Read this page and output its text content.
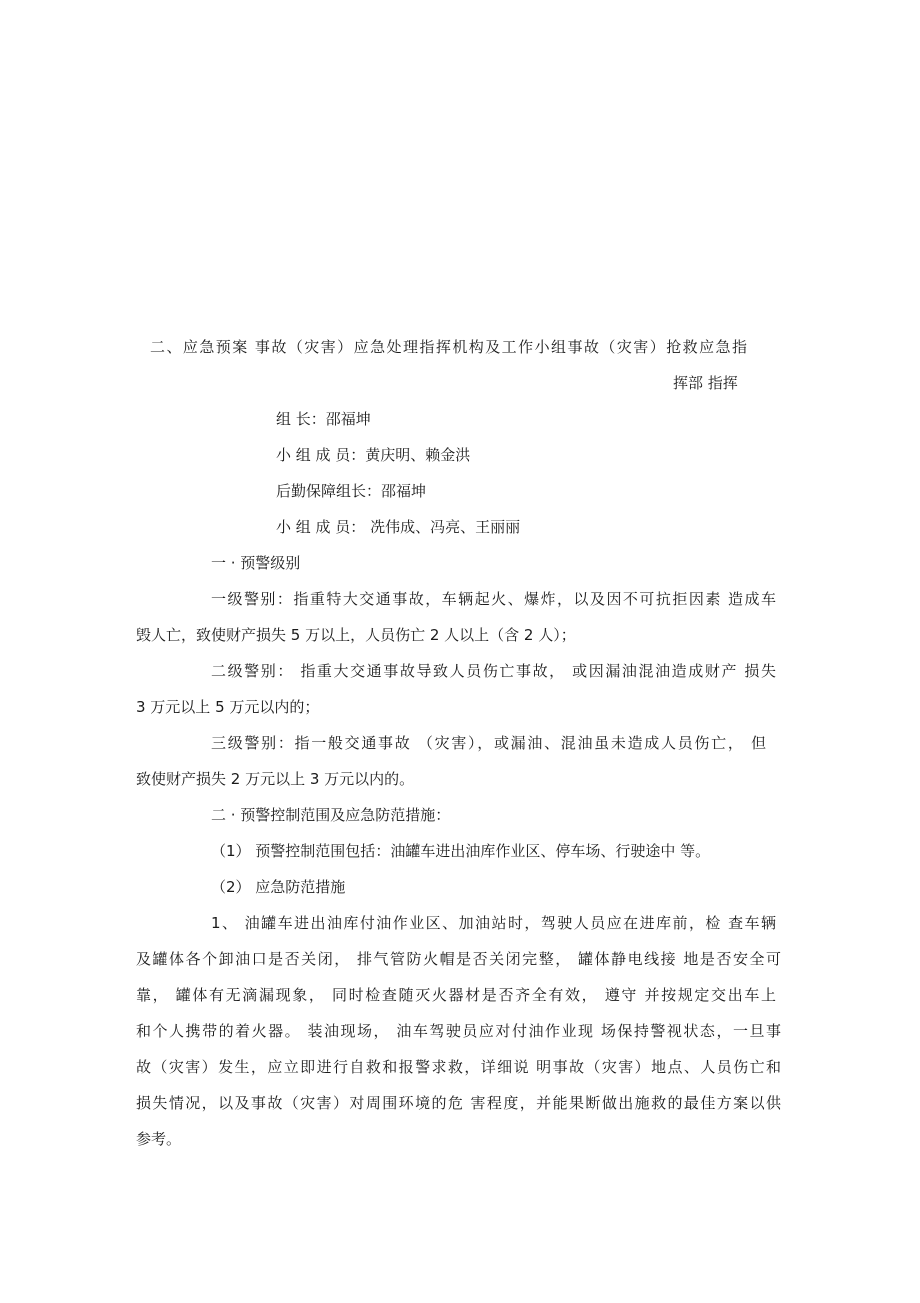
二、应急预案 事故（灾害）应急处理指挥机构及工作小组事故（灾害）抢救应急指
挥部 指挥
组 长：邵福坤
小 组 成 员：黄庆明、赖金洪
后勤保障组长：邵福坤
小 组 成 员： 冼伟成、冯亮、王丽丽
一 · 预警级别
一级警别：指重特大交通事故，车辆起火、爆炸，以及因不可抗拒因素 造成车
毁人亡，致使财产损失 5 万以上，人员伤亡 2 人以上（含 2 人）；
二级警别： 指重大交通事故导致人员伤亡事故， 或因漏油混油造成财产 损失
3 万元以上 5 万元以内的；
三级警别：指一般交通事故 （灾害），或漏油、混油虽未造成人员伤亡， 但
致使财产损失 2 万元以上 3 万元以内的。
二 · 预警控制范围及应急防范措施：
（1） 预警控制范围包括：油罐车进出油库作业区、停车场、行驶途中 等。
（2） 应急防范措施
1、 油罐车进出油库付油作业区、加油站时，驾驶人员应在进库前，检 查车辆
及罐体各个卸油口是否关闭， 排气管防火帽是否关闭完整， 罐体静电线接 地是否安全可
靠， 罐体有无滴漏现象， 同时检查随灭火器材是否齐全有效， 遵守 并按规定交出车上
和个人携带的着火器。 装油现场， 油车驾驶员应对付油作业现 场保持警视状态，一旦事
故（灾害）发生，应立即进行自救和报警求救，详细说 明事故（灾害）地点、人员伤亡和
损失情况，以及事故（灾害）对周围环境的危 害程度，并能果断做出施救的最佳方案以供
参考。
